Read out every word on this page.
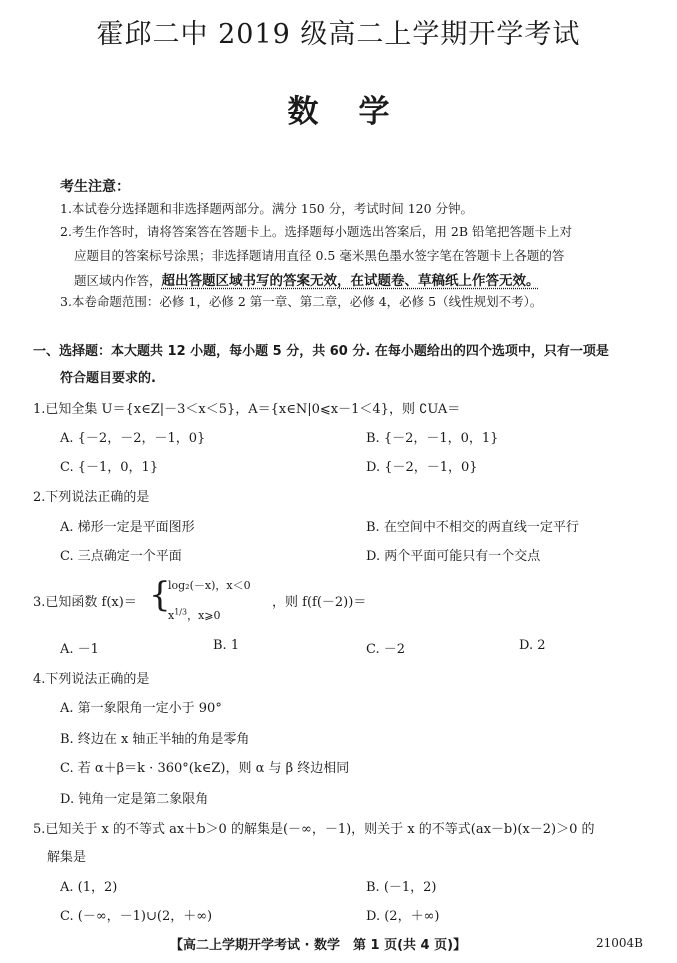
霍邱二中 2019 级高二上学期开学考试
数学
考生注意：
1.本试卷分选择题和非选择题两部分。满分 150 分，考试时间 120 分钟。
2.考生作答时，请将答案答在答题卡上。选择题每小题选出答案后，用 2B 铅笔把答题卡上对
应题目的答案标号涂黑；非选择题请用直径 0.5 毫米黑色墨水签字笔在答题卡上各题的答
题区域内作答，超出答题区域书写的答案无效，在试题卷、草稿纸上作答无效。
3.本卷命题范围：必修 1，必修 2 第一章、第二章，必修 4，必修 5（线性规划不考）。
一、选择题：本大题共 12 小题，每小题 5 分，共 60 分. 在每小题给出的四个选项中，只有一项是
符合题目要求的.
1.已知全集 U＝{x∈Z|－3＜x＜5}，A＝{x∈N|0⩽x－1＜4}，则 ∁UA＝
A. {－2，－2，－1，0}	B. {－2，－1，0，1}
C. {－1，0，1}	D. {－2，－1，0}
2.下列说法正确的是
A. 梯形一定是平面图形	B. 在空间中不相交的两直线一定平行
C. 三点确定一个平面	D. 两个平面可能只有一个交点
3.已知函数 f(x)＝ {
log₂(－x)，x＜0
$x^{1/3}$，x⩾0
，则 f(f(－2))＝
A. －1	B. 1	C. －2	D. 2
4.下列说法正确的是
A. 第一象限角一定小于 90°
B. 终边在 x 轴正半轴的角是零角
C. 若 α＋β＝k · 360°(k∈Z)，则 α 与 β 终边相同
D. 钝角一定是第二象限角
5.已知关于 x 的不等式 ax＋b＞0 的解集是(－∞，－1)，则关于 x 的不等式(ax－b)(x－2)＞0 的
解集是
A. (1，2)	B. (－1，2)
C. (－∞，－1)∪(2，＋∞)	D. (2，＋∞)
【高二上学期开学考试 · 数学　第 1 页(共 4 页)】	21004B
